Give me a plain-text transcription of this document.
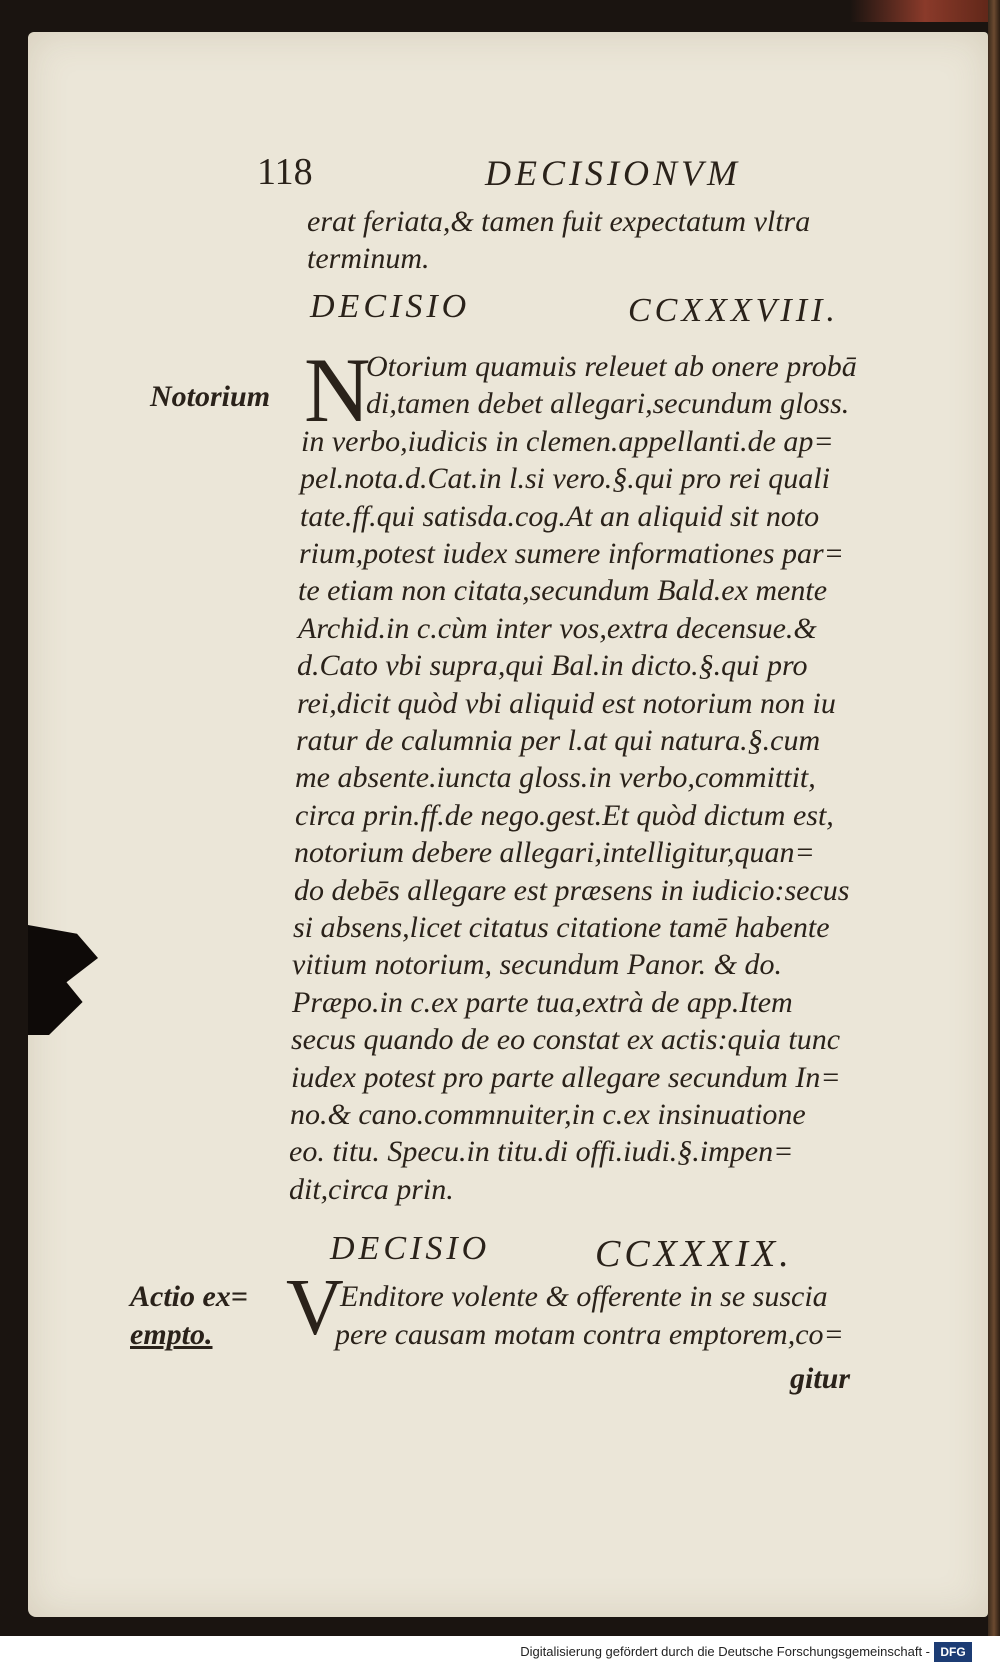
118	DECISIONVM
erat feriata,& tamen fuit expectatum vltra
terminum.
DECISIO	CCXXXVIII.
Notorium N
Otorium quamuis releuet ab onere probā
di,tamen debet allegari,secundum gloss.
in verbo,iudicis in clemen.appellanti.de ap=
pel.nota.d.Cat.in l.si vero.§.qui pro rei quali
tate.ff.qui satisda.cog.At an aliquid sit noto
rium,potest iudex sumere informationes par=
te etiam non citata,secundum Bald.ex mente
Archid.in c.cùm inter vos,extra decensue.&
d.Cato vbi supra,qui Bal.in dicto.§.qui pro
rei,dicit quòd vbi aliquid est notorium non iu
ratur de calumnia per l.at qui natura.§.cum
me absente.iuncta gloss.in verbo,committit,
circa prin.ff.de nego.gest.Et quòd dictum est,
notorium debere allegari,intelligitur,quan=
do debēs allegare est præsens in iudicio:secus
si absens,licet citatus citatione tamē habente
vitium notorium, secundum Panor. & do.
Præpo.in c.ex parte tua,extrà de app.Item
secus quando de eo constat ex actis:quia tunc
iudex potest pro parte allegare secundum In=
no.& cano.commnuiter,in c.ex insinuatione
eo. titu. Specu.in titu.di offi.iudi.§.impen=
dit,circa prin.
DECISIO	CCXXXIX.
Actio ex=
empto. V
Enditore volente & offerente in se suscia
pere causam motam contra emptorem,co=
gitur
Digitalisierung gefördert durch die Deutsche Forschungsgemeinschaft - DFG
